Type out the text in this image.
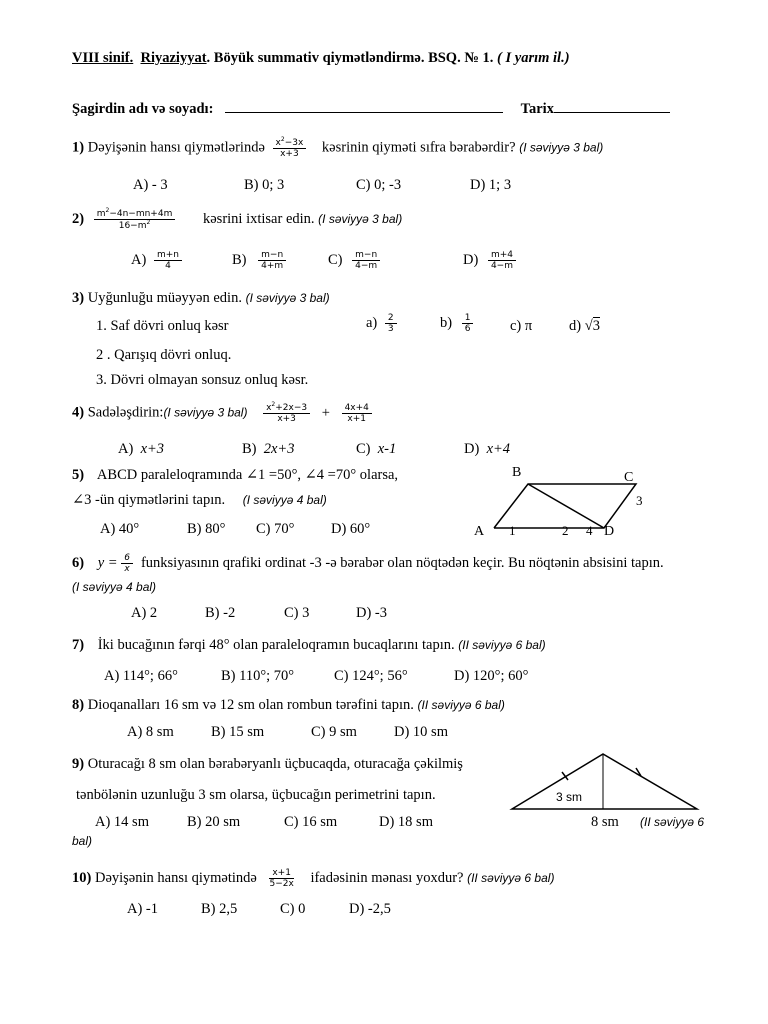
VIII sinif. Riyaziyyat. Böyük summativ qiymətləndirmə. BSQ. № 1. ( I yarım il.)
Şagirdin adı və soyadı:	Tarix
1) Dəyişənin hansı qiymətlərində $\frac{x^2-3x}{x+3}$ kəsrinin qiyməti sıfra bərabərdir? (I səviyyə 3 bal)
A) - 3	B) 0; 3	C) 0; -3	D) 1; 3
$2) \frac{m^2-4n-mn+4m}{16-m^2}$ kəsrini ixtisar edin. (I səviyyə 3 bal)
$A) \frac{m+n}{4}$	$B) \frac{m-n}{4+m}$	$C) \frac{m-n}{4-m}$	$D) \frac{m+4}{4-m}$
3) Uyğunluğu müəyyən edin. (I səviyyə 3 bal)
1. Saf dövri onluq kəsr
2 . Qarışıq dövri onluq.
3. Dövri olmayan sonsuz onluq kəsr.
$a) \frac{2}{3}$	$b) \frac{1}{6}$	c) π	d) √3
4) Sadələşdirin:(I səviyyə 3 $bal) \frac{x^2+2x-3}{x+3} + \frac{4x+4}{x+1}$
A) x+3	B) 2x+3	C) x-1	D) x+4
5) ABCD paraleloqramında ∠1 =50°, ∠4 =70° olarsa,
∠3 -ün qiymətlərini tapın. (I səviyyə 4 bal)
A) 40°	B) 80° C) 70°	D) 60°
B	C
A	D
1	2
3
4
6) $y = \frac{6}{x}$ funksiyasının qrafiki ordinat -3 -ə bərabər olan nöqtədən keçir. Bu nöqtənin absisini tapın.
(I səviyyə 4 bal)
A) 2	B) -2	C) 3	D) -3
7) İki bucağının fərqi 48° olan paraleloqramın bucaqlarını tapın. (II səviyyə 6 bal)
A) 114°; 66°	B) 110°; 70°	C) 124°; 56°	D) 120°; 60°
8) Dioqanalları 16 sm və 12 sm olan rombun tərəfini tapın. (II səviyyə 6 bal)
A) 8 sm	B) 15 sm	C) 9 sm	D) 10 sm
9) Oturacağı 8 sm olan bərabəryanlı üçbucaqda, oturacağa çəkilmiş
tənbölənin uzunluğu 3 sm olarsa, üçbucağın perimetrini tapın.
A) 14 sm	B) 20 sm	C) 16 sm	D) 18 sm	8 sm (II səviyyə 6
bal)
3 sm
10) Dəyişənin hansı qiymətində $\frac{x+1}{5-2x}$ ifadəsinin mənası yoxdur? (II səviyyə 6 bal)
A) -1	B) 2,5	C) 0	D) -2,5
